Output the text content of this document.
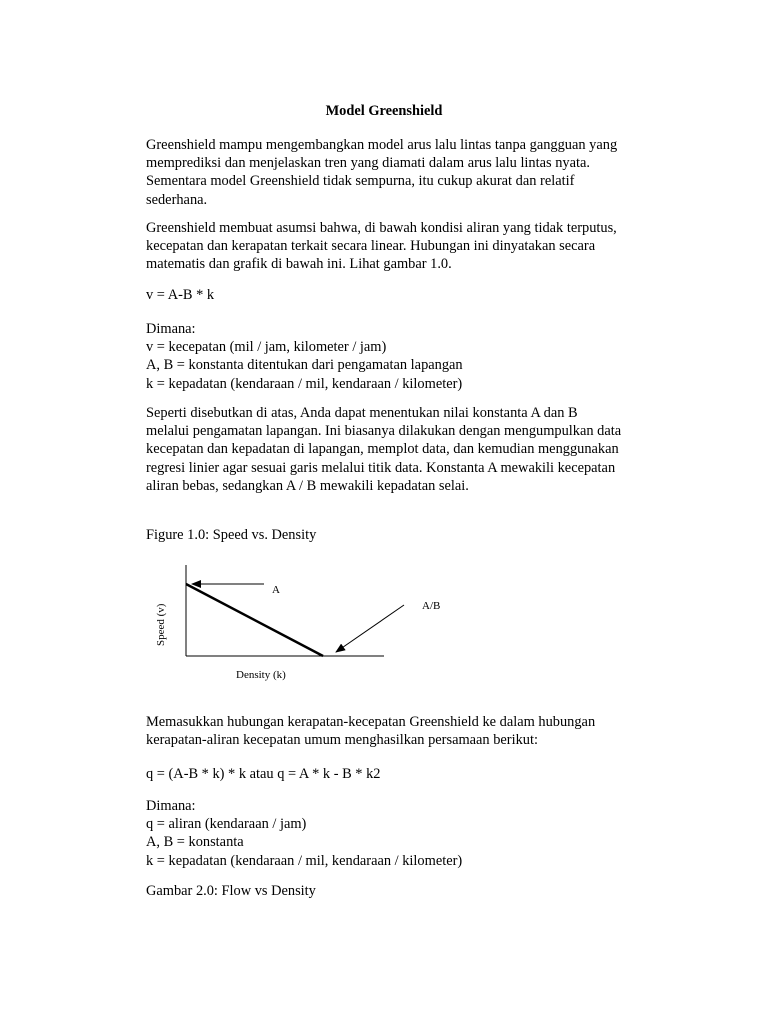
Model Greenshield
Greenshield mampu mengembangkan model arus lalu lintas tanpa gangguan yang
memprediksi dan menjelaskan tren yang diamati dalam arus lalu lintas nyata.
Sementara model Greenshield tidak sempurna, itu cukup akurat dan relatif
sederhana.
Greenshield membuat asumsi bahwa, di bawah kondisi aliran yang tidak terputus,
kecepatan dan kerapatan terkait secara linear. Hubungan ini dinyatakan secara
matematis dan grafik di bawah ini. Lihat gambar 1.0.
v = A-B * k
Dimana:
v = kecepatan (mil / jam, kilometer / jam)
A, B = konstanta ditentukan dari pengamatan lapangan
k = kepadatan (kendaraan / mil, kendaraan / kilometer)
Seperti disebutkan di atas, Anda dapat menentukan nilai konstanta A dan B
melalui pengamatan lapangan. Ini biasanya dilakukan dengan mengumpulkan data
kecepatan dan kepadatan di lapangan, memplot data, dan kemudian menggunakan
regresi linier agar sesuai garis melalui titik data. Konstanta A mewakili kecepatan
aliran bebas, sedangkan A / B mewakili kepadatan selai.
Figure 1.0: Speed vs. Density
A
A/B
Density (k)
Speed (v)
Memasukkan hubungan kerapatan-kecepatan Greenshield ke dalam hubungan
kerapatan-aliran kecepatan umum menghasilkan persamaan berikut:
q = (A-B * k) * k atau q = A * k - B * k2
Dimana:
q = aliran (kendaraan / jam)
A, B = konstanta
k = kepadatan (kendaraan / mil, kendaraan / kilometer)
Gambar 2.0: Flow vs Density
